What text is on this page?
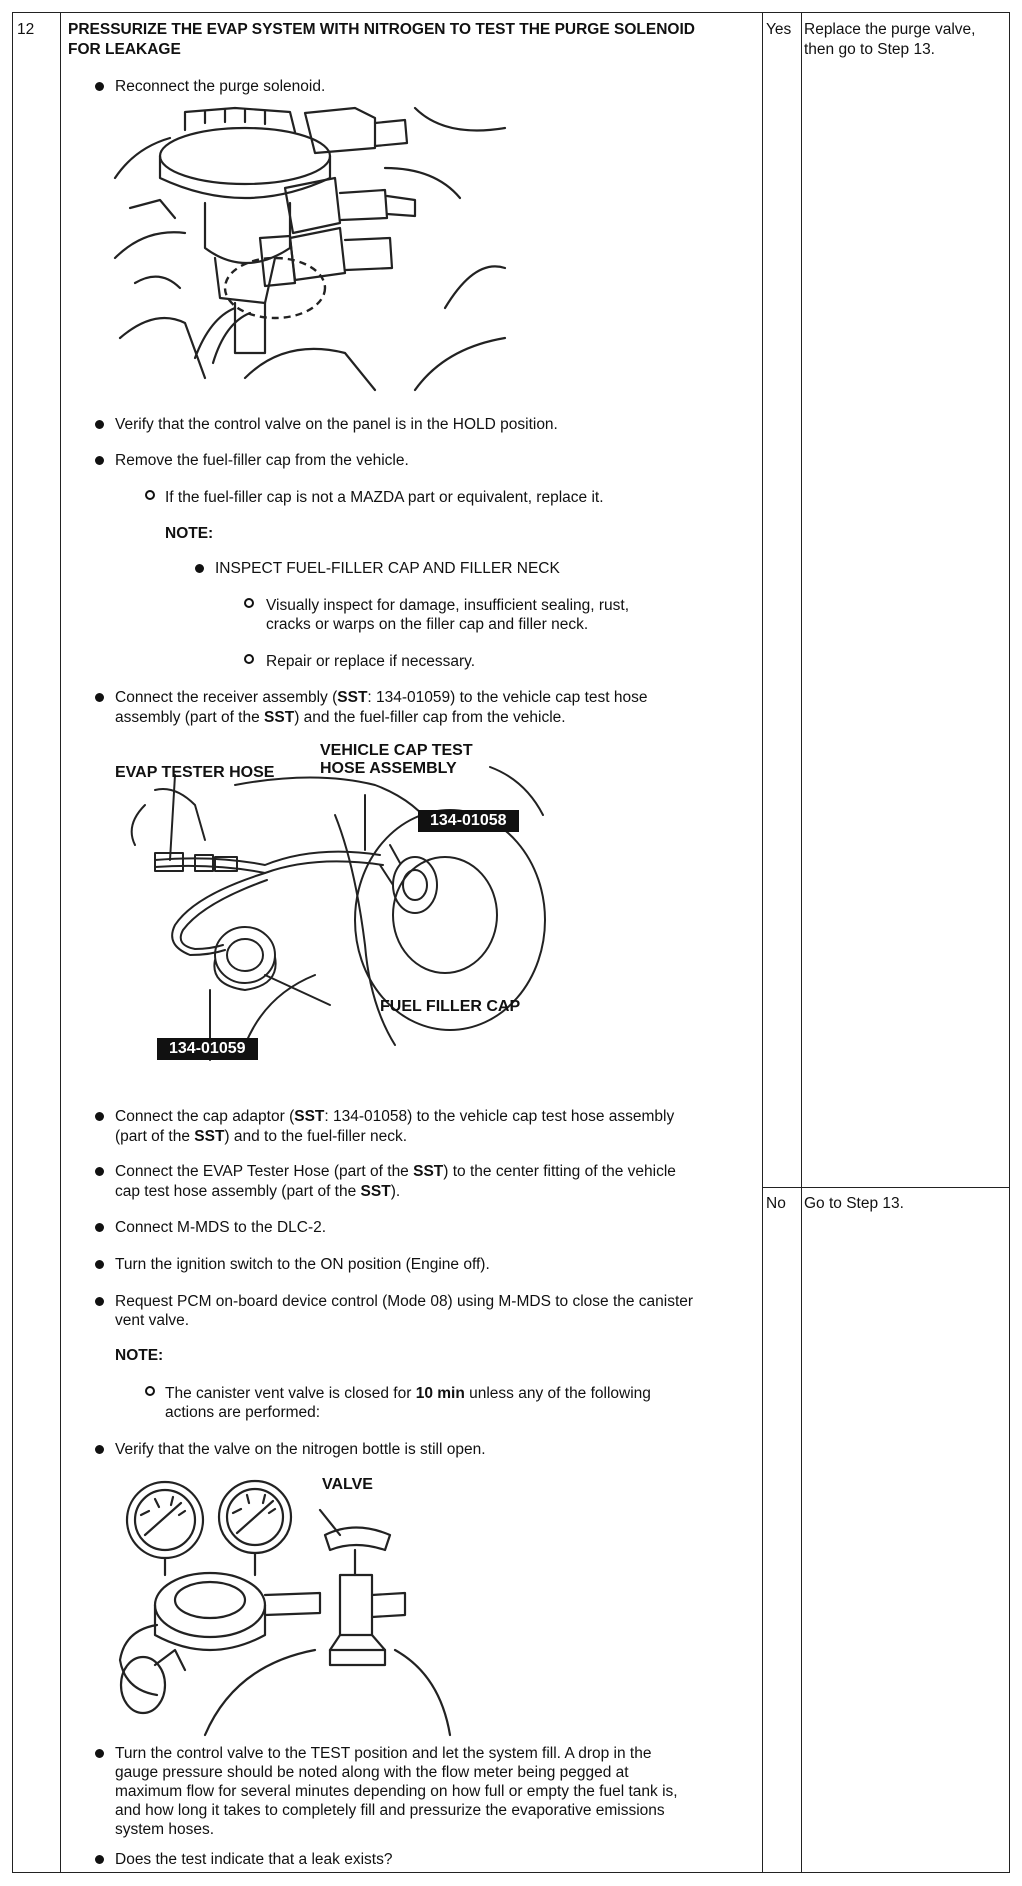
12 PRESSURIZE THE EVAP SYSTEM WITH NITROGEN TO TEST THE PURGE SOLENOID
FOR LEAKAGE
Yes Replace the purge valve,
then go to Step 13.
No Go to Step 13.
Reconnect the purge solenoid.
Verify that the control valve on the panel is in the HOLD position.
Remove the fuel-filler cap from the vehicle.
If the fuel-filler cap is not a MAZDA part or equivalent, replace it.
NOTE:
INSPECT FUEL-FILLER CAP AND FILLER NECK
Visually inspect for damage, insufficient sealing, rust,
cracks or warps on the filler cap and filler neck.
Repair or replace if necessary.
Connect the receiver assembly (SST: 134-01059) to the vehicle cap test hose
assembly (part of the SST) and the fuel-filler cap from the vehicle.
EVAP TESTER HOSE
VEHICLE CAP TEST
HOSE ASSEMBLY
134-01058
FUEL FILLER CAP
134-01059
Connect the cap adaptor (SST: 134-01058) to the vehicle cap test hose assembly
(part of the SST) and to the fuel-filler neck.
Connect the EVAP Tester Hose (part of the SST) to the center fitting of the vehicle
cap test hose assembly (part of the SST).
Connect M-MDS to the DLC-2.
Turn the ignition switch to the ON position (Engine off).
Request PCM on-board device control (Mode 08) using M-MDS to close the canister
vent valve.
NOTE:
The canister vent valve is closed for 10 min unless any of the following
actions are performed:
Verify that the valve on the nitrogen bottle is still open.
VALVE
Turn the control valve to the TEST position and let the system fill. A drop in the
gauge pressure should be noted along with the flow meter being pegged at
maximum flow for several minutes depending on how full or empty the fuel tank is,
and how long it takes to completely fill and pressurize the evaporative emissions
system hoses.
Does the test indicate that a leak exists?
